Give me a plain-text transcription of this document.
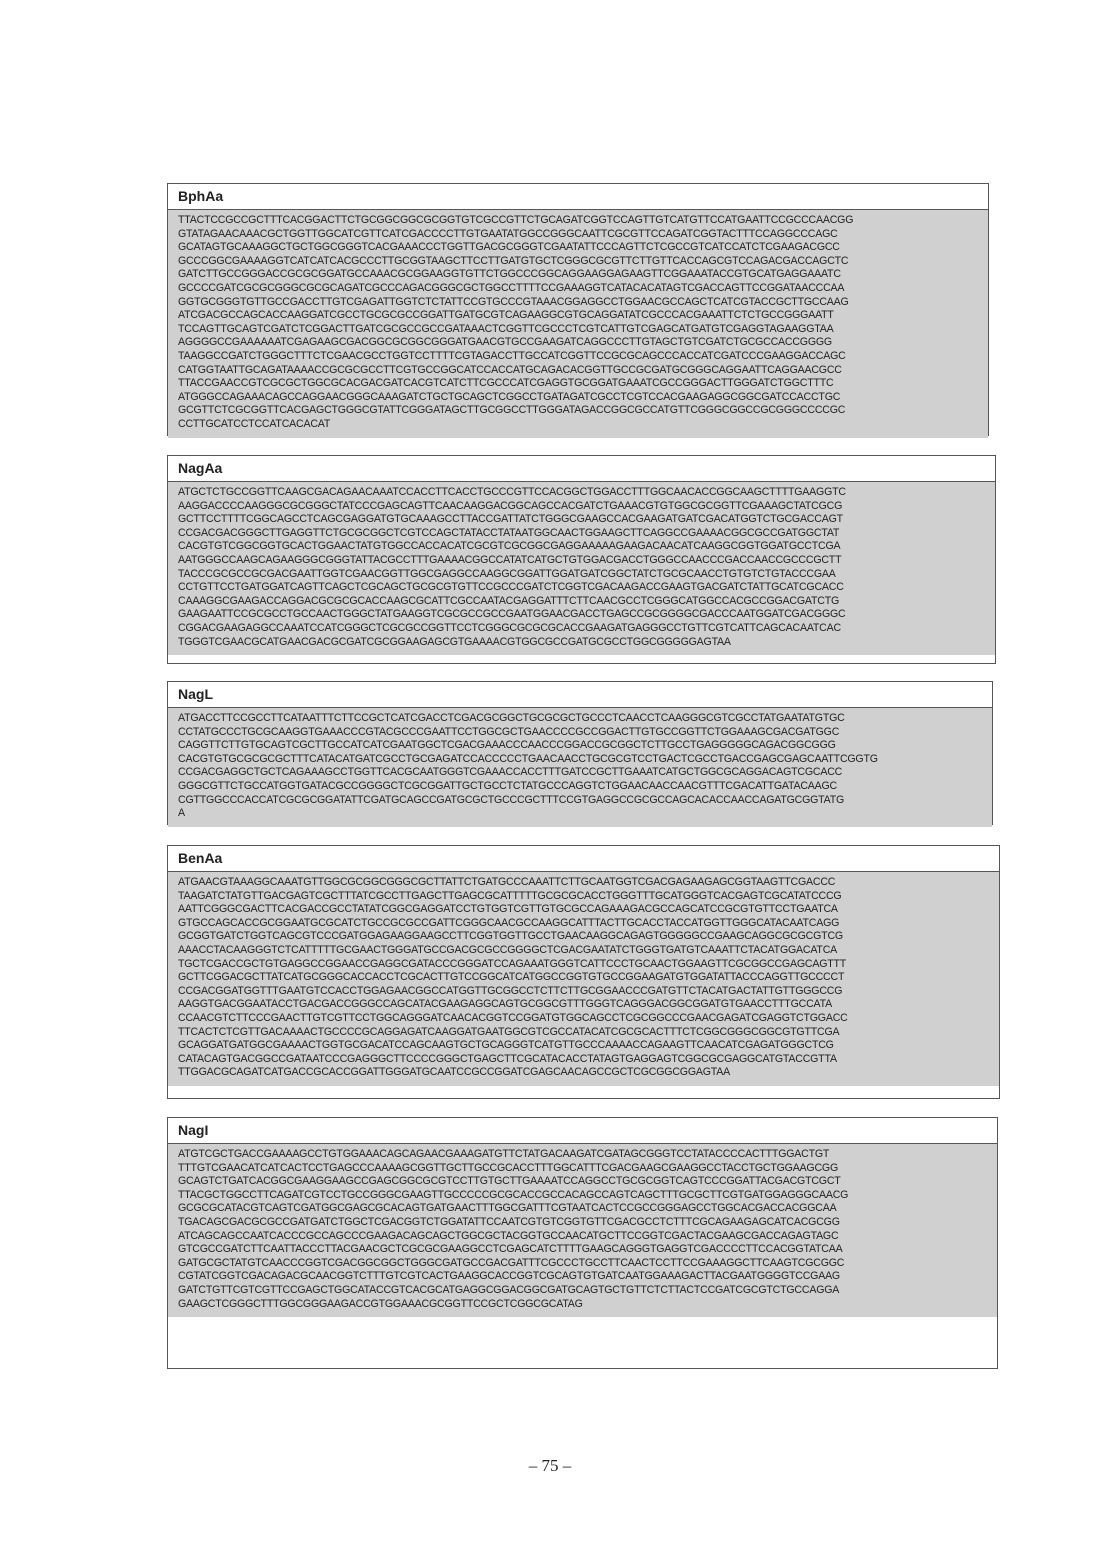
BphAa
TTACTCCGCCGCTTTCACGGACTTCTGCGGCGGCGCGGTGTCGCCGTTCTGCAGATCGGTCCAGTTGTCATGTTCCATGAATTCCGCCCAACGG
GTATAGAACAAACGCTGGTTGGCATCGTTCATCGACCCCTTGTGAATATGGCCGGGCAATTCGCGTTCCAGATCGGTACTTTCCAGGCCCAGC
GCATAGTGCAAAGGCTGCTGGCGGGTCACGAAACCCTGGTTGACGCGGGTCGAATATTCCCAGTTCTCGCCGTCATCCATCTCGAAGACGCC
GCCCGGCGAAAAGGTCATCATCACGCCCTTGCGGTAAGCTTCCTTGATGTGCTCGGGCGCGTTCTTGTTCACCAGCGTCCAGACGACCAGCTC
GATCTTGCCGGGACCGCGCGGATGCCAAACGCGGAAGGTGTTCTGGCCCGGCAGGAAGGAGAAGTTCGGAAATACCGTGCATGAGGAAATC
GCCCCGATCGCGCGGGCGCGCAGATCGCCCAGACGGGCGCTGGCCTTTTCCGAAAGGTCATACACATAGTCGACCAGTTCCGGATAACCCAA
GGTGCGGGTGTTGCCGACCTTGTCGAGATTGGTCTCTATTCCGTGCCCGTAAACGGAGGCCTGGAACGCCAGCTCATCGTACCGCTTGCCAAG
ATCGACGCCAGCACCAAGGATCGCCTGCGCGCCGGATTGATGCGTCAGAAGGCGTGCAGGATATCGCCCACGAAATTCTCTGCCGGGAATT
TCCAGTTGCAGTCGATCTCGGACTTGATCGCGCCGCCGATAAACTCGGTTCGCCCTCGTCATTGTCGAGCATGATGTCGAGGTAGAAGGTAA
AGGGGCCGAAAAAATCGAGAAGCGACGGCGCGGCGGGATGAACGTGCCGAAGATCAGGCCCTTGTAGCTGTCGATCTGCGCCACCGGGG
TAAGGCCGATCTGGGCTTTCTCGAACGCCTGGTCCTTTTCGTAGACCTTGCCATCGGTTCCGCGCAGCCCACCATCGATCCCGAAGGACCAGC
CATGGTAATTGCAGATAAAACCGCGCGCCTTCGTGCCGGCATCCACCATGCAGACACGGTTGCCGCGATGCGGGCAGGAATTCAGGAACGCC
TTACCGAACCGTCGCGCTGGCGCACGACGATCACGTCATCTTCGCCCATCGAGGTGCGGATGAAATCGCCGGGACTTGGGATCTGGCTTTC
ATGGGCCAGAAACAGCCAGGAACGGGCAAAGATCTGCTGCAGCTCGGCCTGATAGATCGCCTCGTCCACGAAGAGGCGGCGATCCACCTGC
GCGTTCTCGCGGTTCACGAGCTGGGCGTATTCGGGATAGCTTGCGGCCTTGGGATAGACCGGCGCCATGTTCGGGCGGCCGCGGGCCCCGC
CCTTGCATCCTCCATCACACAT
NagAa
ATGCTCTGCCGGTTCAAGCGACAGAACAAATCCACCTTCACCTGCCCGTTCCACGGCTGGACCTTTGGCAACACCGGCAAGCTTTTGAAGGTC
AAGGACCCCAAGGGCGCGGGCTATCCCGAGCAGTTCAACAAGGACGGCAGCCACGATCTGAAACGTGTGGCGCGGTTCGAAAGCTATCGCG
GCTTCCTTTTCGGCAGCCTCAGCGAGGATGTGCAAAGCCTTACCGATTATCTGGGCGAAGCCACGAAGATGATCGACATGGTCTGCGACCAGT
CCGACGACGGGCTTGAGGTTCTGCGCGGCTCGTCCAGCTATACCTATAATGGCAACTGGAAGCTTCAGGCCGAAAACGGCGCCGATGGCTAT
CACGTGTCGGCGGTGCACTGGAACTATGTGGCCACCACATCGCGTCGCGGCGAGGAAAAAGAAGACAACATCAAGGCGGTGGATGCCTCGA
AATGGGCCAAGCAGAAGGGCGGGTATTACGCCTTTGAAAACGGCCATATCATGCTGTGGACGACCTGGGCCAACCCGACCAACCGCCCGCTT
TACCCGCGCCGCGACGAATTGGTCGAACGGTTGGCGAGGCCAAGGCGGATTGGATGATCGGCTATCTGCGCAACCTGTGTCTGTACCCGAA
CCTGTTCCTGATGGATCAGTTCAGCTCGCAGCTGCGCGTGTTCCGCCCGATCTCGGTCGACAAGACCGAAGTGACGATCTATTGCATCGCACC
CAAAGGCGAAGACCAGGACGCGCGCACCAAGCGCATTCGCCAATACGAGGATTTCTTCAACGCCTCGGGCATGGCCACGCCGGACGATCTG
GAAGAATTCCGCGCCTGCCAACTGGGCTATGAAGGTCGCGCCGCCGAATGGAACGACCTGAGCCGCGGGGCGACCCAATGGATCGACGGGC
CGGACGAAGAGGCCAAATCCATCGGGCTCGCGCCGGTTCCTCGGGCGCGCGCACCGAAGATGAGGGCCTGTTCGTCATTCAGCACAATCAC
TGGGTCGAACGCATGAACGACGCGATCGCGGAAGAGCGTGAAAACGTGGCGCCGATGCGCCTGGCGGGGGAGTAA
NagL
ATGACCTTCCGCCTTCATAATTTCTTCCGCTCATCGACCTCGACGCGGCTGCGCGCTGCCCTCAACCTCAAGGGCGTCGCCTATGAATATGTGC
CCTATGCCCTGCGCAAGGTGAAACCCGTACGCCCGAATTCCTGGCGCTGAACCCCGCCGGACTTGTGCCGGTTCTGGAAAGCGACGATGGC
CAGGTTCTTGTGCAGTCGCTTGCCATCATCGAATGGCTCGACGAAACCCAACCCGGACCGCGGCTCTTGCCTGAGGGGGCAGACGGCGGG
CACGTGTGCGCGCGCTTTCATACATGATCGCCTGCGAGATCCACCCCCTGAACAACCTGCGCGTCCTGACTCGCCTGACCGAGCGAGCAATTCGGTG
CCGACGAGGCTGCTCAGAAAGCCTGGTTCACGCAATGGGTCGAAACCACCTTTGATCCGCTTGAAATCATGCTGGCGCAGGACAGTCGCACC
GGGCGTTCTGCCATGGTGATACGCCGGGGCTCGCGGATTGCTGCCTCTATGCCCAGGTCTGGAACAACCAACGTTTCGACATTGATACAAGC
CGTTGGCCCACCATCGCGCGGATATTCGATGCAGCCGATGCGCTGCCCGCTTTCCGTGAGGCCGCGCCAGCACACCAACCAGATGCGGTATG
A
BenAa
ATGAACGTAAAGGCAAATGTTGGCGCGGCGGGCGCTTATTCTGATGCCCAAATTCTTGCAATGGTCGACGAGAAGAGCGGTAAGTTCGACCC
TAAGATCTATGTTGACGAGTCGCTTTATCGCCTTGAGCTTGAGCGCATTTTTGCGCGCACCTGGGTTTGCATGGGTCACGAGTCGCATATCCCG
AATTCGGGCGACTTCACGACCGCCTATATCGGCGAGGATCCTGTGGTCGTTGTGCGCCAGAAAGACGCCAGCATCCGCGTGTTCCTGAATCA
GTGCCAGCACCGCGGAATGCGCATCTGCCGCGCCGATTCGGGCAACGCCAAGGCATTTACTTGCACCTACCATGGTTGGGCATACAATCAGG
GCGGTGATCTGGTCAGCGTCCCGATGGAGAAGGAAGCCTTCGGTGGTTGCCTGAACAAGGCAGAGTGGGGGCCGAAGCAGGCGCGCGTCG
AAACCTACAAGGGTCTCATTTTTGCGAACTGGGATGCCGACGCGCCGGGGCTCGACGAATATCTGGGTGATGTCAAATTCTACATGGACATCA
TGCTCGACCGCTGTGAGGCCGGAACCGAGGCGATACCCGGGATCCAGAAATGGGTCATTCCCTGCAACTGGAAGTTCGCGGCCGAGCAGTTT
GCTTCGGACGCTTATCATGCGGGCACCACCTCGCACTTGTCCGGCATCATGGCCGGTGTGCCGGAAGATGTGGATATTACCCAGGTTGCCCCT
CCGACGGATGGTTTGAATGTCCACCTGGAGAACGGCCATGGTTGCGGCCTCTTCTTGCGGAACCCGATGTTCTACATGACTATTGTTGGGCCG
AAGGTGACGGAATACCTGACGACCGGGCCAGCATACGAAGAGGCAGTGCGGCGTTTGGGTCAGGGACGGCGGATGTGAACCTTTGCCATA
CCAACGTCTTCCCGAACTTGTCGTTCCTGGCAGGGATCAACACGGTCCGGATGTGGCAGCCTCGCGGCCCGAACGAGATCGAGGTCTGGACC
TTCACTCTCGTTGACAAAACTGCCCCGCAGGAGATCAAGGATGAATGGCGTCGCCATACATCGCGCACTTTCTCGGCGGGCGGCGTGTTCGA
GCAGGATGATGGCGAAAACTGGTGCGACATCCAGCAAGTGCTGCAGGGTCATGTTGCCCAAAACCAGAAGTTCAACATCGAGATGGGCTCG
CATACAGTGACGGCCGATAATCCCGAGGGCTTCCCCGGGCTGAGCTTCGCATACACCTATAGTGAGGAGTCGGCGCGAGGCATGTACCGTTA
TTGGACGCAGATCATGACCGCACCGGATTGGGATGCAATCCGCCGGATCGAGCAACAGCCGCTCGCGGCGGAGTAA
NagI
ATGTCGCTGACCGAAAAGCCTGTGGAAACAGCAGAACGAAAGATGTTCTATGACAAGATCGATAGCGGGTCCTATACCCCACTTTGGACTGT
TTTGTCGAACATCATCACTCCTGAGCCCAAAAGCGGTTGCTTGCCGCACCTTTGGCATTTCGACGAAGCGAAGGCCTACCTGCTGGAAGCGG
GCAGTCTGATCACGGCGAAGGAAGCCGAGCGGCGCGTCCTTGTGCTTGAAAATCCAGGCCTGCGCGGTCAGTCCCGGATTACGACGTCGCT
TTACGCTGGCCTTCAGATCGTCCTGCCGGGCGAAGTTGCCCCCGCGCACCGCCACAGCCAGTCAGCTTTGCGCTTCGTGATGGAGGGCAACG
GCGCGCATACGTCAGTCGATGGCGAGCGCACAGTGATGAACTTTGGCGATTTCGTAATCACTCCGCCGGGAGCCTGGCACGACCACGGCAA
TGACAGCGACGCGCCGATGATCTGGCTCGACGGTCTGGATATTCCAATCGTGTCGGTGTTCGACGCCTCTTTCGCAGAAGAGCATCACGCGG
ATCAGCAGCCAATCACCCGCCAGCCCGAAGACAGCAGCTGGCGCTACGGTGCCAACATGCTTCCGGTCGACTACGAAGCGACCAGAGTAGC
GTCGCCGATCTTCAATTACCCTTACGAACGCTCGCGCGAAGGCCTCGAGCATCTTTTGAAGCAGGGTGAGGTCGACCCCTTCCACGGTATCAA
GATGCGCTATGTCAACCCGGTCGACGGCGGCTGGGCGATGCCGACGATTTCGCCCTGCCTTCAACTCCTTCCGAAAGGCTTCAAGTCGCGGC
CGTATCGGTCGACAGACGCAACGGTCTTTGTCGTCACTGAAGGCACCGGTCGCAGTGTGATCAATGGAAAGACTTACGAATGGGGTCCGAAG
GATCTGTTCGTCGTTCCGAGCTGGCATACCGTCACGCATGAGGCGGACGGCGATGCAGTGCTGTTCTCTTACTCCGATCGCGTCTGCCAGGA
GAAGCTCGGGCTTTGGCGGGAAGACCGTGGAAACGCGGTTCCGCTCGGCGCATAG
– 75 –
